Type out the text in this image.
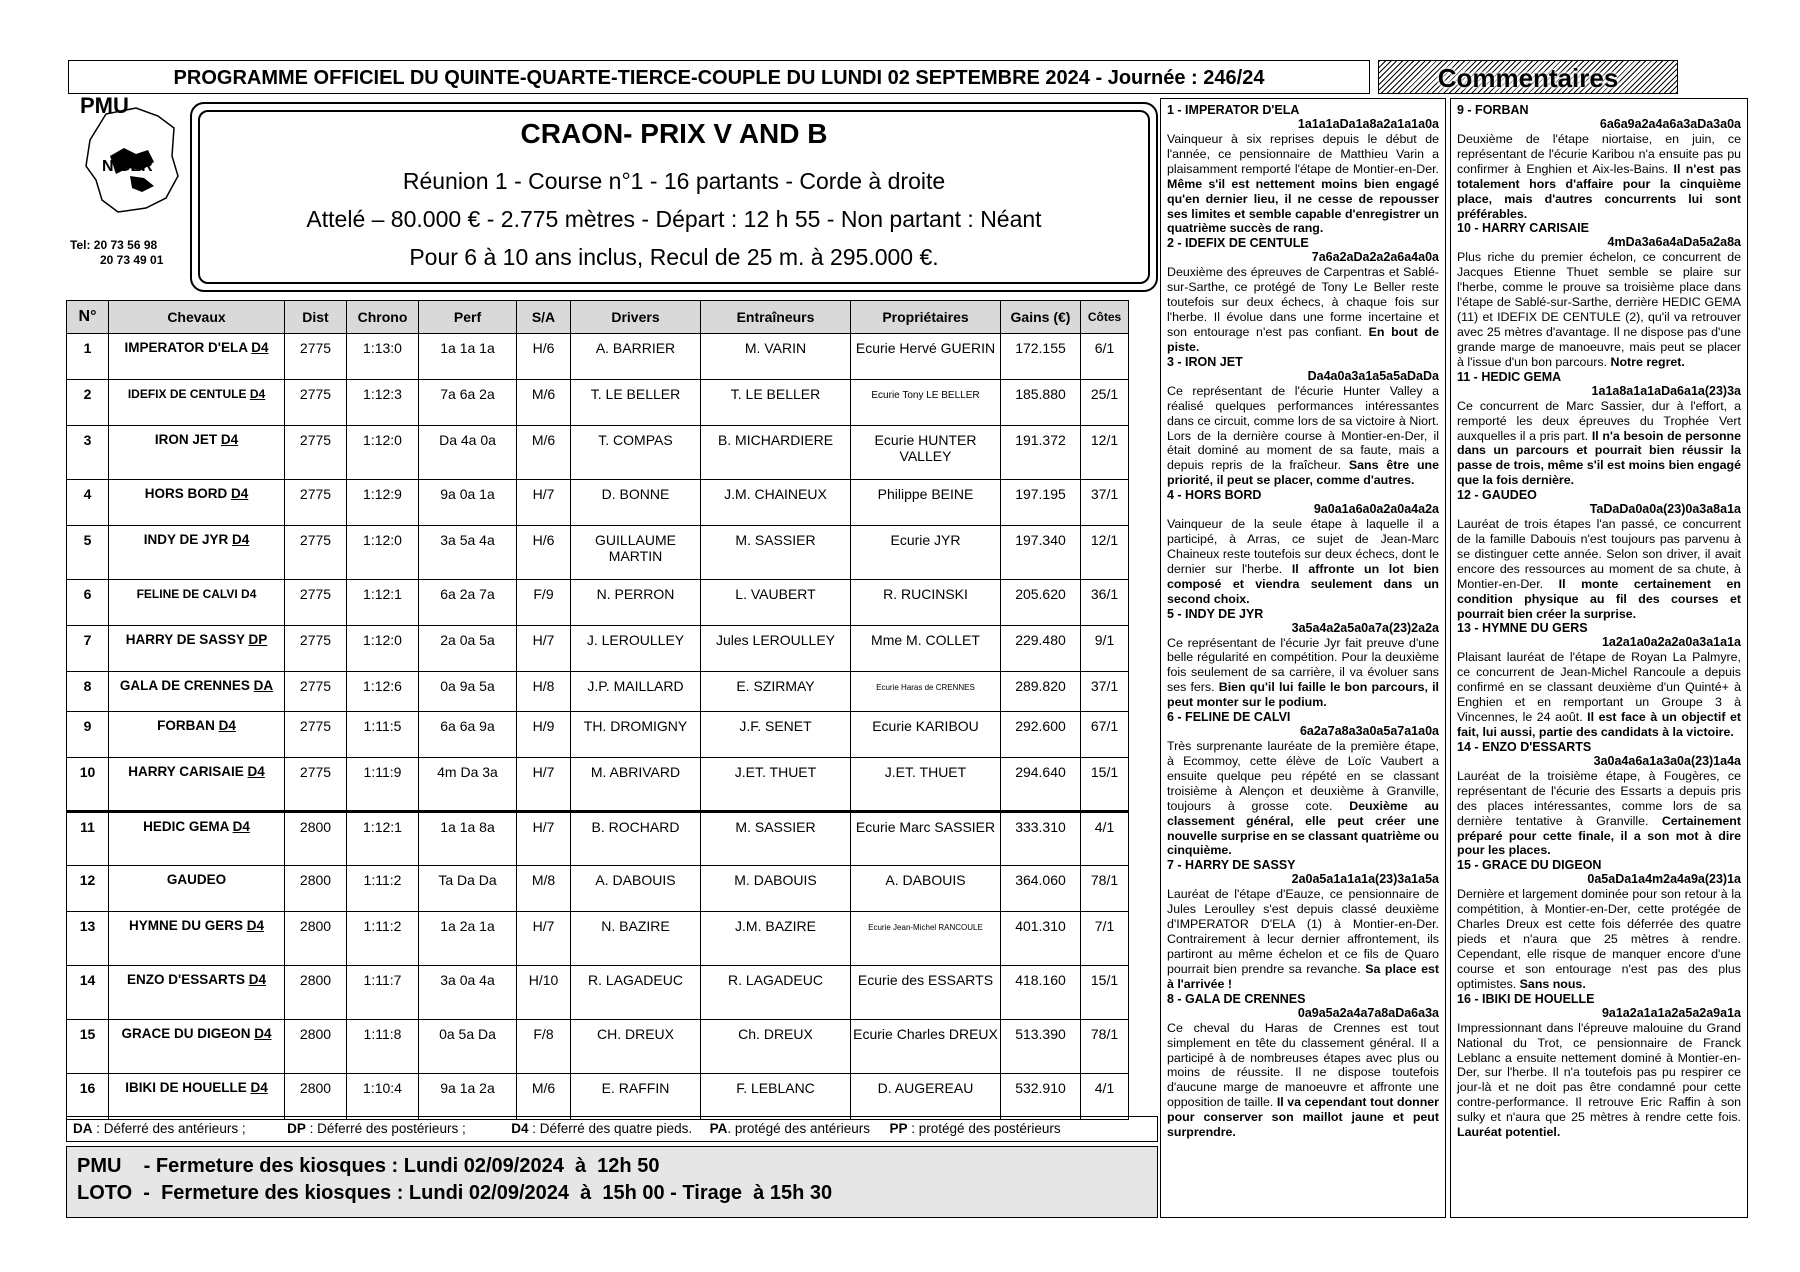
PROGRAMME OFFICIEL DU QUINTE-QUARTE-TIERCE-COUPLE DU LUNDI 02 SEPTEMBRE 2024 - Journée : 246/24	Commentaires
PMU
NIGER
Tel: 20 73 56 98
20 73 49 01
CRAON- PRIX V AND B
Réunion 1 - Course n°1 - 16 partants - Corde à droite
Attelé – 80.000 € - 2.775 mètres - Départ : 12 h 55 - Non partant : Néant
Pour 6 à 10 ans inclus, Recul de 25 m. à 295.000 €.
N°	Chevaux	Dist	Chrono	Perf	S/A	Drivers	Entraîneurs	Propriétaires	Gains (€)	Côtes
1	IMPERATOR D'ELA D4	2775	1:13:0	1a 1a 1a	H/6	A. BARRIER	M. VARIN	Ecurie Hervé GUERIN	172.155	6/1
2	IDEFIX DE CENTULE D4	2775	1:12:3	7a 6a 2a	M/6	T. LE BELLER	T. LE BELLER	Ecurie Tony LE BELLER	185.880	25/1
3	IRON JET D4	2775	1:12:0	Da 4a 0a	M/6	T. COMPAS	B. MICHARDIERE	Ecurie HUNTER VALLEY	191.372	12/1
4	HORS BORD D4	2775	1:12:9	9a 0a 1a	H/7	D. BONNE	J.M. CHAINEUX	Philippe BEINE	197.195	37/1
5	INDY DE JYR D4	2775	1:12:0	3a 5a 4a	H/6	GUILLAUME MARTIN	M. SASSIER	Ecurie JYR	197.340	12/1
6	FELINE DE CALVI D4	2775	1:12:1	6a 2a 7a	F/9	N. PERRON	L. VAUBERT	R. RUCINSKI	205.620	36/1
7	HARRY DE SASSY DP	2775	1:12:0	2a 0a 5a	H/7	J. LEROULLEY	Jules LEROULLEY	Mme M. COLLET	229.480	9/1
8	GALA DE CRENNES DA	2775	1:12:6	0a 9a 5a	H/8	J.P. MAILLARD	E. SZIRMAY	Ecurie Haras de CRENNES	289.820	37/1
9	FORBAN D4	2775	1:11:5	6a 6a 9a	H/9	TH. DROMIGNY	J.F. SENET	Ecurie KARIBOU	292.600	67/1
10	HARRY CARISAIE D4	2775	1:11:9	4m Da 3a	H/7	M. ABRIVARD	J.ET. THUET	J.ET. THUET	294.640	15/1
11	HEDIC GEMA D4	2800	1:12:1	1a 1a 8a	H/7	B. ROCHARD	M. SASSIER	Ecurie Marc SASSIER	333.310	4/1
12	GAUDEO	2800	1:11:2	Ta Da Da	M/8	A. DABOUIS	M. DABOUIS	A. DABOUIS	364.060	78/1
13	HYMNE DU GERS D4	2800	1:11:2	1a 2a 1a	H/7	N. BAZIRE	J.M. BAZIRE	Ecurie Jean-Michel RANCOULE	401.310	7/1
14	ENZO D'ESSARTS D4	2800	1:11:7	3a 0a 4a	H/10	R. LAGADEUC	R. LAGADEUC	Ecurie des ESSARTS	418.160	15/1
15	GRACE DU DIGEON D4	2800	1:11:8	0a 5a Da	F/8	CH. DREUX	Ch. DREUX	Ecurie Charles DREUX	513.390	78/1
16	IBIKI DE HOUELLE D4	2800	1:10:4	9a 1a 2a	M/6	E. RAFFIN	F. LEBLANC	D. AUGEREAU	532.910	4/1
DA : Déferré des antérieurs ;	DP : Déferré des postérieurs ;	D4 : Déferré des quatre pieds. PA. protégé des antérieurs PP : protégé des postérieurs
PMU    - Fermeture des kiosques : Lundi 02/09/2024  à  12h 50
LOTO  -  Fermeture des kiosques : Lundi 02/09/2024  à  15h 00 - Tirage  à 15h 30
1 - IMPERATOR D'ELA
1a1a1aDa1a8a2a1a1a0a
Vainqueur à six reprises depuis le début de l'année, ce pensionnaire de Matthieu Varin a plaisamment remporté l'étape de Montier-en-Der. Même s'il est nettement moins bien engagé qu'en dernier lieu, il ne cesse de repousser ses limites et semble capable d'enregistrer un quatrième succès de rang.
2 - IDEFIX DE CENTULE
7a6a2aDa2a2a6a4a0a
Deuxième des épreuves de Carpentras et Sablé-sur-Sarthe, ce protégé de Tony Le Beller reste toutefois sur deux échecs, à chaque fois sur l'herbe. Il évolue dans une forme incertaine et son entourage n'est pas confiant. En bout de piste.
3 - IRON JET
Da4a0a3a1a5a5aDaDa
Ce représentant de l'écurie Hunter Valley a réalisé quelques performances intéressantes dans ce circuit, comme lors de sa victoire à Niort. Lors de la dernière course à Montier-en-Der, il était dominé au moment de sa faute, mais a depuis repris de la fraîcheur. Sans être une priorité, il peut se placer, comme d'autres.
4 - HORS BORD
9a0a1a6a0a2a0a4a2a
Vainqueur de la seule étape à laquelle il a participé, à Arras, ce sujet de Jean-Marc Chaineux reste toutefois sur deux échecs, dont le dernier sur l'herbe. Il affronte un lot bien composé et viendra seulement dans un second choix.
5 - INDY DE JYR
3a5a4a2a5a0a7a(23)2a2a
Ce représentant de l'écurie Jyr fait preuve d'une belle régularité en compétition. Pour la deuxième fois seulement de sa carrière, il va évoluer sans ses fers. Bien qu'il lui faille le bon parcours, il peut monter sur le podium.
6 - FELINE DE CALVI
6a2a7a8a3a0a5a7a1a0a
Très surprenante lauréate de la première étape, à Ecommoy, cette élève de Loïc Vaubert a ensuite quelque peu répété en se classant troisième à Alençon et deuxième à Granville, toujours à grosse cote. Deuxième au classement général, elle peut créer une nouvelle surprise en se classant quatrième ou cinquième.
7 - HARRY DE SASSY
2a0a5a1a1a1a(23)3a1a5a
Lauréat de l'étape d'Eauze, ce pensionnaire de Jules Leroulley s'est depuis classé deuxième d'IMPERATOR D'ELA (1) à Montier-en-Der. Contrairement à lecur dernier affrontement, ils partiront au même échelon et ce fils de Quaro pourrait bien prendre sa revanche. Sa place est à l'arrivée !
8 - GALA DE CRENNES
0a9a5a2a4a7a8aDa6a3a
Ce cheval du Haras de Crennes est tout simplement en tête du classement général. Il a participé à de nombreuses étapes avec plus ou moins de réussite. Il ne dispose toutefois d'aucune marge de manoeuvre et affronte une opposition de taille. Il va cependant tout donner pour conserver son maillot jaune et peut surprendre.
9 - FORBAN
6a6a9a2a4a6a3aDa3a0a
Deuxième de l'étape niortaise, en juin, ce représentant de l'écurie Karibou n'a ensuite pas pu confirmer à Enghien et Aix-les-Bains. Il n'est pas totalement hors d'affaire pour la cinquième place, mais d'autres concurrents lui sont préférables.
10 - HARRY CARISAIE
4mDa3a6a4aDa5a2a8a
Plus riche du premier échelon, ce concurrent de Jacques Etienne Thuet semble se plaire sur l'herbe, comme le prouve sa troisième place dans l'étape de Sablé-sur-Sarthe, derrière HEDIC GEMA (11) et IDEFIX DE CENTULE (2), qu'il va retrouver avec 25 mètres d'avantage. Il ne dispose pas d'une grande marge de manoeuvre, mais peut se placer à l'issue d'un bon parcours. Notre regret.
11 - HEDIC GEMA
1a1a8a1a1aDa6a1a(23)3a
Ce concurrent de Marc Sassier, dur à l'effort, a remporté les deux épreuves du Trophée Vert auxquelles il a pris part. Il n'a besoin de personne dans un parcours et pourrait bien réussir la passe de trois, même s'il est moins bien engagé que la fois dernière.
12 - GAUDEO
TaDaDa0a0a(23)0a3a8a1a
Lauréat de trois étapes l'an passé, ce concurrent de la famille Dabouis n'est toujours pas parvenu à se distinguer cette année. Selon son driver, il avait encore des ressources au moment de sa chute, à Montier-en-Der. Il monte certainement en condition physique au fil des courses et pourrait bien créer la surprise.
13 - HYMNE DU GERS
1a2a1a0a2a2a0a3a1a1a
Plaisant lauréat de l'étape de Royan La Palmyre, ce concurrent de Jean-Michel Rancoule a depuis confirmé en se classant deuxième d'un Quinté+ à Enghien et en remportant un Groupe 3 à Vincennes, le 24 août. Il est face à un objectif et fait, lui aussi, partie des candidats à la victoire.
14 - ENZO D'ESSARTS
3a0a4a6a1a3a0a(23)1a4a
Lauréat de la troisième étape, à Fougères, ce représentant de l'écurie des Essarts a depuis pris des places intéressantes, comme lors de sa dernière tentative à Granville. Certainement préparé pour cette finale, il a son mot à dire pour les places.
15 - GRACE DU DIGEON
0a5aDa1a4m2a4a9a(23)1a
Dernière et largement dominée pour son retour à la compétition, à Montier-en-Der, cette protégée de Charles Dreux est cette fois déferrée des quatre pieds et n'aura que 25 mètres à rendre. Cependant, elle risque de manquer encore d'une course et son entourage n'est pas des plus optimistes. Sans nous.
16 - IBIKI DE HOUELLE
9a1a2a1a1a2a5a2a9a1a
Impressionnant dans l'épreuve malouine du Grand National du Trot, ce pensionnaire de Franck Leblanc a ensuite nettement dominé à Montier-en-Der, sur l'herbe. Il n'a toutefois pas pu respirer ce jour-là et ne doit pas être condamné pour cette contre-performance. Il retrouve Eric Raffin à son sulky et n'aura que 25 mètres à rendre cette fois. Lauréat potentiel.
